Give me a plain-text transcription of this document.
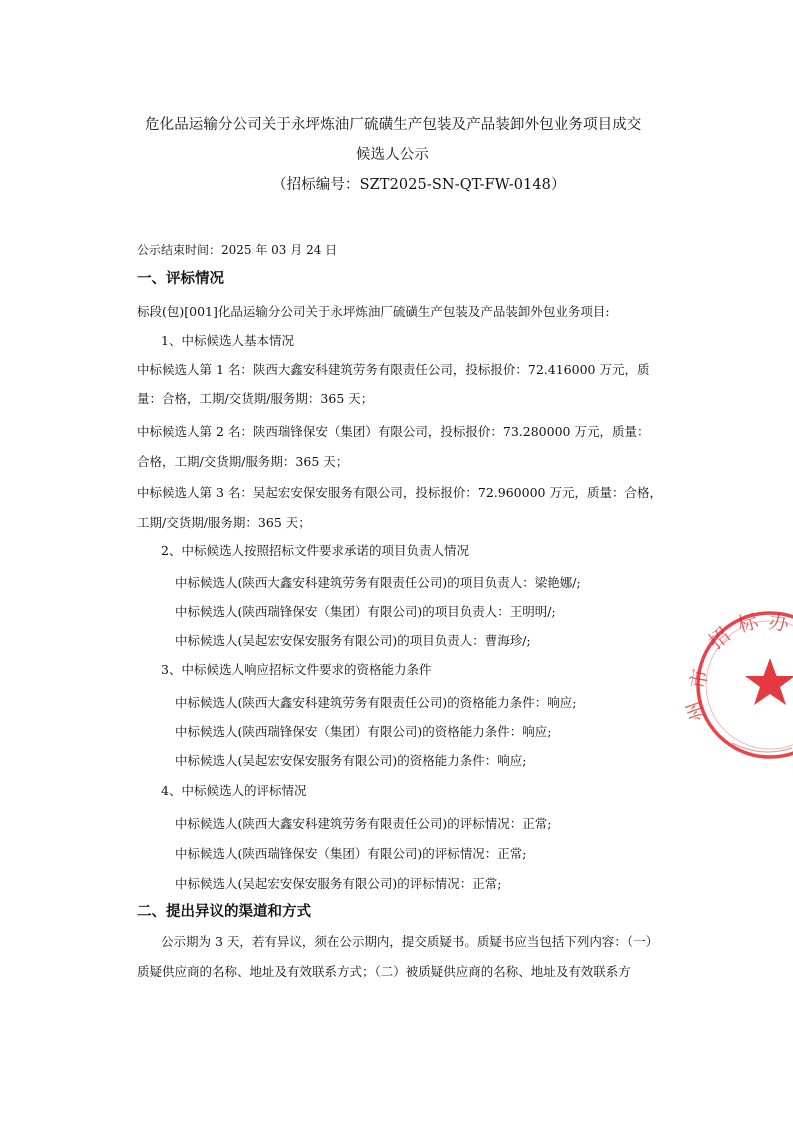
危化品运输分公司关于永坪炼油厂硫磺生产包装及产品装卸外包业务项目成交
候选人公示
（招标编号：SZT2025-SN-QT-FW-0148）
公示结束时间：2025 年 03 月 24 日
一、评标情况
标段(包)[001]化品运输分公司关于永坪炼油厂硫磺生产包装及产品装卸外包业务项目:
1、中标候选人基本情况
中标候选人第 1 名：陕西大鑫安科建筑劳务有限责任公司，投标报价：72.416000 万元，质
量：合格，工期/交货期/服务期：365 天；
中标候选人第 2 名：陕西瑞锋保安（集团）有限公司，投标报价：73.280000 万元，质量：
合格，工期/交货期/服务期：365 天；
中标候选人第 3 名：吴起宏安保安服务有限公司，投标报价：72.960000 万元，质量：合格，
工期/交货期/服务期：365 天；
2、中标候选人按照招标文件要求承诺的项目负责人情况
中标候选人(陕西大鑫安科建筑劳务有限责任公司)的项目负责人：梁艳娜/;
中标候选人(陕西瑞锋保安（集团）有限公司)的项目负责人：王明明/;
中标候选人(吴起宏安保安服务有限公司)的项目负责人：曹海珍/;
3、中标候选人响应招标文件要求的资格能力条件
中标候选人(陕西大鑫安科建筑劳务有限责任公司)的资格能力条件：响应;
中标候选人(陕西瑞锋保安（集团）有限公司)的资格能力条件：响应;
中标候选人(吴起宏安保安服务有限公司)的资格能力条件：响应;
4、中标候选人的评标情况
中标候选人(陕西大鑫安科建筑劳务有限责任公司)的评标情况：正常;
中标候选人(陕西瑞锋保安（集团）有限公司)的评标情况：正常;
中标候选人(吴起宏安保安服务有限公司)的评标情况：正常;
二、提出异议的渠道和方式
公示期为 3 天，若有异议，须在公示期内，提交质疑书。质疑书应当包括下列内容：（一）
质疑供应商的名称、地址及有效联系方式；（二）被质疑供应商的名称、地址及有效联系方
招 标 办
市
州
